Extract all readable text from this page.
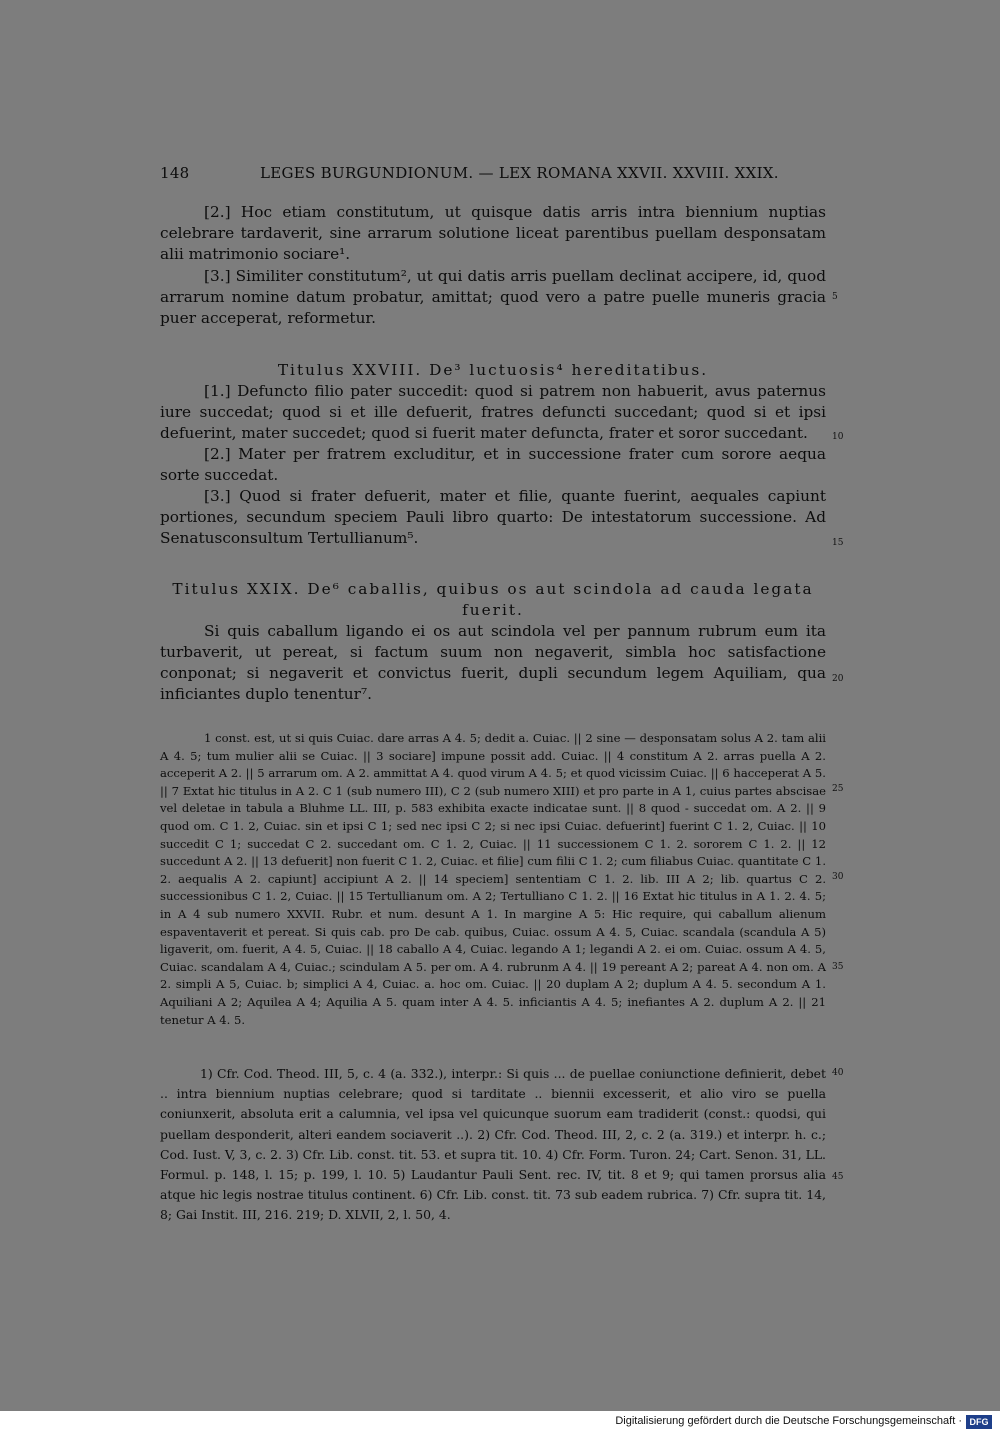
148	LEGES BURGUNDIONUM. — LEX ROMANA XXVII. XXVIII. XXIX.

[2.] Hoc etiam constitutum, ut quisque datis arris intra biennium nuptias celebrare tardaverit, sine arrarum solutione liceat parentibus puellam desponsatam alii matrimonio sociare¹.

[3.] Similiter constitutum², ut qui datis arris puellam declinat accipere, id, quod arrarum nomine datum probatur, amittat; quod vero a patre puelle muneris gracia puer acceperat, reformetur.

Titulus XXVIII. De³ luctuosis⁴ hereditatibus.

[1.] Defuncto filio pater succedit: quod si patrem non habuerit, avus paternus iure succedat; quod si et ille defuerit, fratres defuncti succedant; quod si et ipsi defuerint, mater succedet; quod si fuerit mater defuncta, frater et soror succedant.

[2.] Mater per fratrem excluditur, et in successione frater cum sorore aequa sorte succedat.

[3.] Quod si frater defuerit, mater et filie, quante fuerint, aequales capiunt portiones, secundum speciem Pauli libro quarto: De intestatorum successione. Ad Senatusconsultum Tertullianum⁵.

Titulus XXIX. De⁶ caballis, quibus os aut scindola ad cauda legata fuerit.

Si quis caballum ligando ei os aut scindola vel per pannum rubrum eum ita turbaverit, ut pereat, si factum suum non negaverit, simbla hoc satisfactione conponat; si negaverit et convictus fuerit, dupli secundum legem Aquiliam, qua inficiantes duplo tenentur⁷.

5
10
15
20
25
30
35
40
45

1 const. est, ut si quis Cuiac. dare arras A 4. 5; dedit a. Cuiac. || 2 sine — desponsatam solus A 2. tam alii A 4. 5; tum mulier alii se Cuiac. || 3 sociare] impune possit add. Cuiac. || 4 constitum A 2. arras puella A 2. acceperit A 2. || 5 arrarum om. A 2. ammittat A 4. quod virum A 4. 5; et quod vicissim Cuiac. || 6 hacceperat A 5. || 7 Extat hic titulus in A 2. C 1 (sub numero III), C 2 (sub numero XIII) et pro parte in A 1, cuius partes abscisae vel deletae in tabula a Bluhme LL. III, p. 583 exhibita exacte indicatae sunt. || 8 quod - succedat om. A 2. || 9 quod om. C 1. 2, Cuiac. sin et ipsi C 1; sed nec ipsi C 2; si nec ipsi Cuiac. defuerint] fuerint C 1. 2, Cuiac. || 10 succedit C 1; succedat C 2. succedant om. C 1. 2, Cuiac. || 11 successionem C 1. 2. sororem C 1. 2. || 12 succedunt A 2. || 13 defuerit] non fuerit C 1. 2, Cuiac. et filie] cum filii C 1. 2; cum filiabus Cuiac. quantitate C 1. 2. aequalis A 2. capiunt] accipiunt A 2. || 14 speciem] sententiam C 1. 2. lib. III A 2; lib. quartus C 2. successionibus C 1. 2, Cuiac. || 15 Tertullianum om. A 2; Tertulliano C 1. 2. || 16 Extat hic titulus in A 1. 2. 4. 5; in A 4 sub numero XXVII. Rubr. et num. desunt A 1. In margine A 5: Hic require, qui caballum alienum espaventaverit et pereat. Si quis cab. pro De cab. quibus, Cuiac. ossum A 4. 5, Cuiac. scandala (scandula A 5) ligaverit, om. fuerit, A 4. 5, Cuiac. || 18 caballo A 4, Cuiac. legando A 1; legandi A 2. ei om. Cuiac. ossum A 4. 5, Cuiac. scandalam A 4, Cuiac.; scindulam A 5. per om. A 4. rubrunm A 4. || 19 pereant A 2; pareat A 4. non om. A 2. simpli A 5, Cuiac. b; simplici A 4, Cuiac. a. hoc om. Cuiac. || 20 duplam A 2; duplum A 4. 5. secondum A 1. Aquiliani A 2; Aquilea A 4; Aquilia A 5. quam inter A 4. 5. inficiantis A 4. 5; inefiantes A 2. duplum A 2. || 21 tenetur A 4. 5.

1) Cfr. Cod. Theod. III, 5, c. 4 (a. 332.), interpr.: Si quis ... de puellae coniunctione definierit, debet .. intra biennium nuptias celebrare; quod si tarditate .. biennii excesserit, et alio viro se puella coniunxerit, absoluta erit a calumnia, vel ipsa vel quicunque suorum eam tradiderit (const.: quodsi, qui puellam desponderit, alteri eandem sociaverit ..). 2) Cfr. Cod. Theod. III, 2, c. 2 (a. 319.) et interpr. h. c.; Cod. Iust. V, 3, c. 2. 3) Cfr. Lib. const. tit. 53. et supra tit. 10. 4) Cfr. Form. Turon. 24; Cart. Senon. 31, LL. Formul. p. 148, l. 15; p. 199, l. 10. 5) Laudantur Pauli Sent. rec. IV, tit. 8 et 9; qui tamen prorsus alia atque hic legis nostrae titulus continent. 6) Cfr. Lib. const. tit. 73 sub eadem rubrica. 7) Cfr. supra tit. 14, 8; Gai Instit. III, 216. 219; D. XLVII, 2, l. 50, 4.

Digitalisierung gefördert durch die Deutsche Forschungsgemeinschaft · DFG
